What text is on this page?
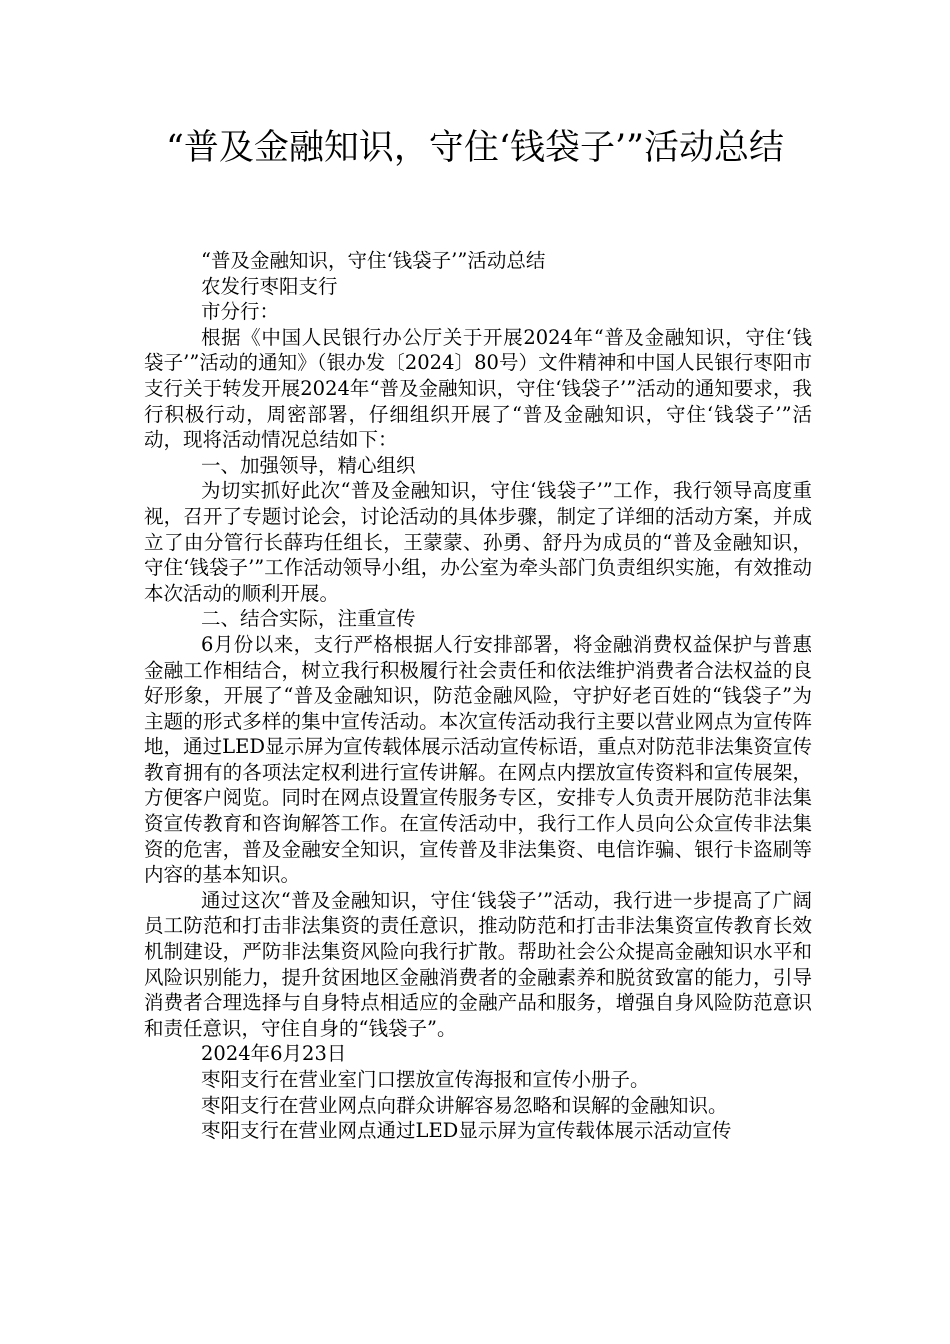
“普及金融知识，守住‘钱袋子’”活动总结

“普及金融知识，守住‘钱袋子’”活动总结

农发行枣阳支行

市分行：

根据《中国人民银行办公厅关于开展2024年“普及金融知识，守住‘钱袋子’”活动的通知》（银办发〔2024〕80号）文件精神和中国人民银行枣阳市支行关于转发开展2024年“普及金融知识，守住‘钱袋子’”活动的通知要求，我行积极行动，周密部署，仔细组织开展了“普及金融知识，守住‘钱袋子’”活动，现将活动情况总结如下：

一、加强领导，精心组织

为切实抓好此次“普及金融知识，守住‘钱袋子’”工作，我行领导高度重视，召开了专题讨论会，讨论活动的具体步骤，制定了详细的活动方案，并成立了由分管行长薛玙任组长，王蒙蒙、孙勇、舒丹为成员的“普及金融知识，守住‘钱袋子’”工作活动领导小组，办公室为牵头部门负责组织实施，有效推动本次活动的顺利开展。

二、结合实际，注重宣传

6月份以来，支行严格根据人行安排部署，将金融消费权益保护与普惠金融工作相结合，树立我行积极履行社会责任和依法维护消费者合法权益的良好形象，开展了“普及金融知识，防范金融风险，守护好老百姓的“钱袋子”为主题的形式多样的集中宣传活动。本次宣传活动我行主要以营业网点为宣传阵地，通过LED显示屏为宣传载体展示活动宣传标语，重点对防范非法集资宣传教育拥有的各项法定权利进行宣传讲解。在网点内摆放宣传资料和宣传展架，方便客户阅览。同时在网点设置宣传服务专区，安排专人负责开展防范非法集资宣传教育和咨询解答工作。在宣传活动中，我行工作人员向公众宣传非法集资的危害，普及金融安全知识，宣传普及非法集资、电信诈骗、银行卡盗刷等内容的基本知识。

通过这次“普及金融知识，守住‘钱袋子’”活动，我行进一步提高了广阔员工防范和打击非法集资的责任意识，推动防范和打击非法集资宣传教育长效机制建设，严防非法集资风险向我行扩散。帮助社会公众提高金融知识水平和风险识别能力，提升贫困地区金融消费者的金融素养和脱贫致富的能力，引导消费者合理选择与自身特点相适应的金融产品和服务，增强自身风险防范意识和责任意识，守住自身的“钱袋子”。

2024年6月23日

枣阳支行在营业室门口摆放宣传海报和宣传小册子。

枣阳支行在营业网点向群众讲解容易忽略和误解的金融知识。

枣阳支行在营业网点通过LED显示屏为宣传载体展示活动宣传
